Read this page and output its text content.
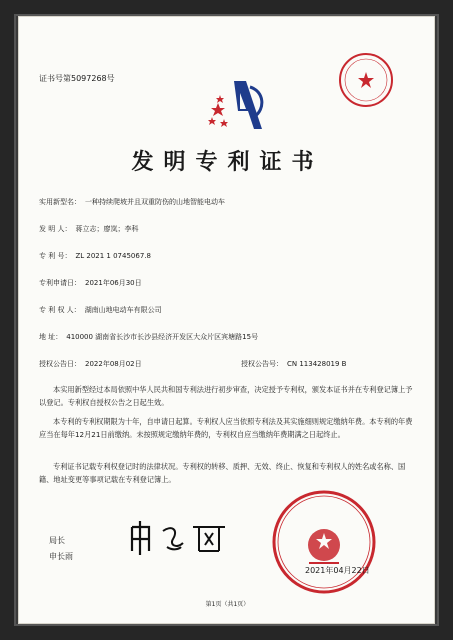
证书号第5097268号
发明专利证书
实用新型名： 一种持续爬坡并且双重防伤的山地智能电动车
发 明 人： 蒋立志；廖岚；李科
专 利 号： ZL 2021 1 0745067.8
专利申请日： 2021年06月30日
专 利 权 人： 湖南山地电动车有限公司
地 址： 410000 湖南省长沙市长沙县经济开发区大众片区宾塘路15号
授权公告日： 2022年08月02日	授权公告号： CN 113428019 B
本实用新型经过本局依照中华人民共和国专利法进行初步审查，决定授予专利权，颁发本证书并在专利登记簿上予以登记。专利权自授权公告之日起生效。
本专利的专利权期限为十年，自申请日起算。专利权人应当依照专利法及其实施细则规定缴纳年费。本专利的年费应当在每年12月21日前缴纳。未按照规定缴纳年费的，专利权自应当缴纳年费期满之日起终止。
专利证书记载专利权登记时的法律状况。专利权的转移、质押、无效、终止、恢复和专利权人的姓名或名称、国籍、地址变更等事项记载在专利登记簿上。
局长
申长雨
2021年04月22日
第1页（共1页）
